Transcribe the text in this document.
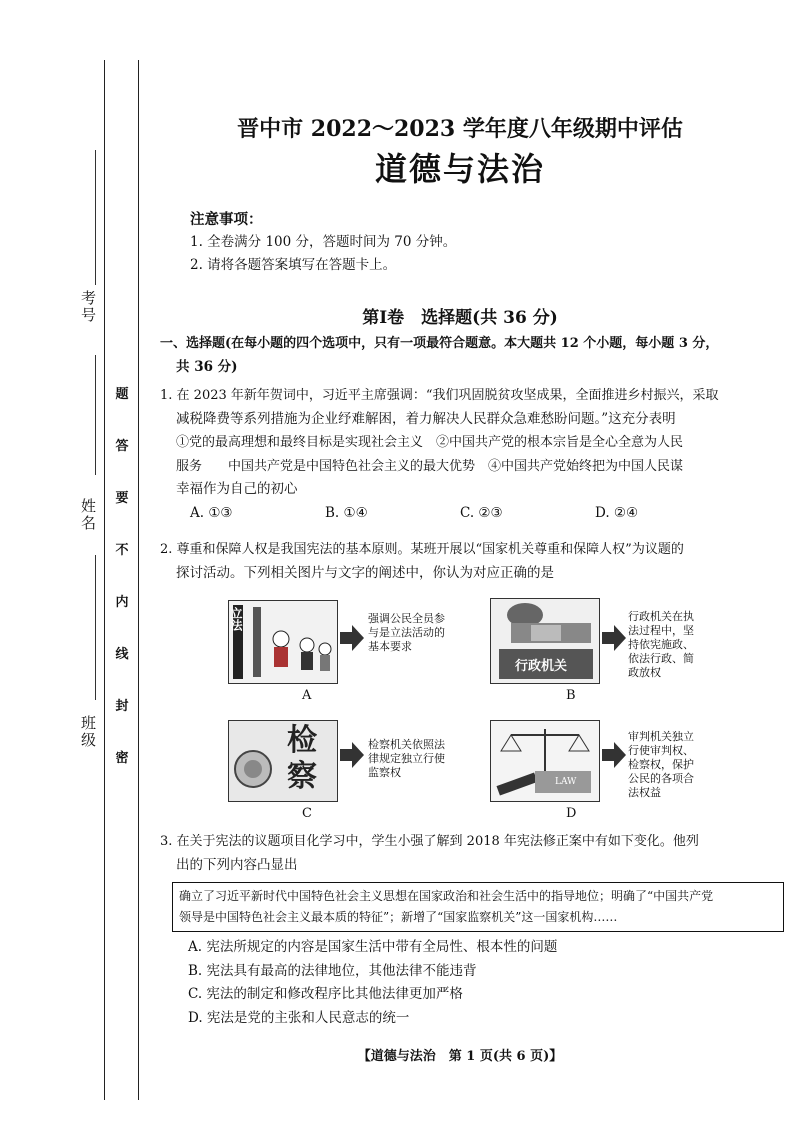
考号
姓名
班级
题
答
要
不
内
线
封
密
晋中市 2022～2023 学年度八年级期中评估
道德与法治
注意事项：
1. 全卷满分 100 分，答题时间为 70 分钟。
2. 请将各题答案填写在答题卡上。
第Ⅰ卷　选择题(共 36 分)
一、选择题(在每小题的四个选项中，只有一项最符合题意。本大题共 12 个小题，每小题 3 分，
共 36 分)
1. 在 2023 年新年贺词中，习近平主席强调：“我们巩固脱贫攻坚成果，全面推进乡村振兴，采取
减税降费等系列措施为企业纾难解困，着力解决人民群众急难愁盼问题。”这充分表明
①党的最高理想和最终目标是实现社会主义　②中国共产党的根本宗旨是全心全意为人民
服务　　中国共产党是中国特色社会主义的最大优势　④中国共产党始终把为中国人民谋
幸福作为自己的初心
A. ①③	B. ①④	C. ②③	D. ②④
2. 尊重和保障人权是我国宪法的基本原则。某班开展以“国家机关尊重和保障人权”为议题的
探讨活动。下列相关图片与文字的阐述中，你认为对应正确的是
立法	强调公民全员参与是立法活动的基本要求
A
行政机关
行政机关在执法过程中，坚持依宪施政、依法行政、简政放权
B
检察
检察机关依照法律规定独立行使监察权
C
LAW
审判机关独立行使审判权、检察权，保护公民的各项合法权益
D
3. 在关于宪法的议题项目化学习中，学生小强了解到 2018 年宪法修正案中有如下变化。他列
出的下列内容凸显出
确立了习近平新时代中国特色社会主义思想在国家政治和社会生活中的指导地位；明确了“中国共产党
领导是中国特色社会主义最本质的特征”；新增了“国家监察机关”这一国家机构……
A. 宪法所规定的内容是国家生活中带有全局性、根本性的问题
B. 宪法具有最高的法律地位，其他法律不能违背
C. 宪法的制定和修改程序比其他法律更加严格
D. 宪法是党的主张和人民意志的统一
【道德与法治　第 1 页(共 6 页)】
